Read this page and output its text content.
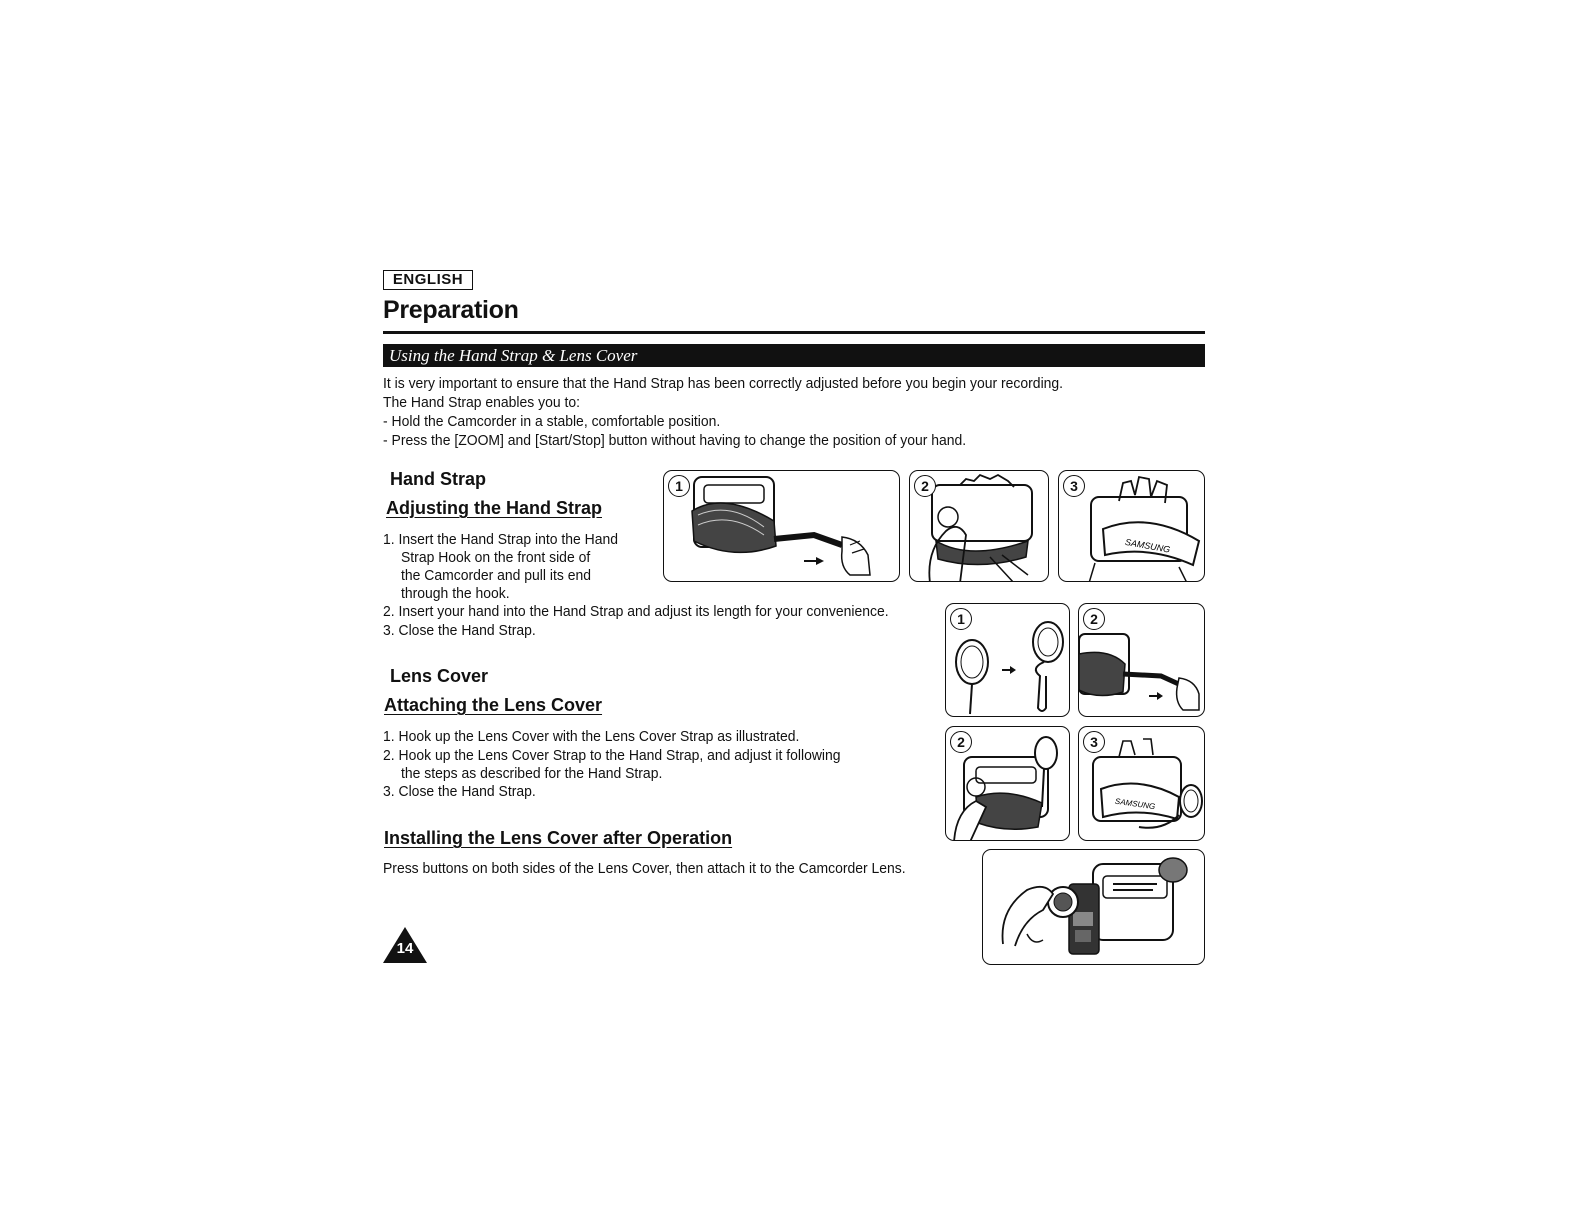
ENGLISH
Preparation
Using the Hand Strap & Lens Cover
It is very important to ensure that the Hand Strap has been correctly adjusted before you begin your recording.
The Hand Strap enables you to:
- Hold the Camcorder in a stable, comfortable position.
- Press the [ZOOM] and [Start/Stop] button without having to change the position of your hand.
Hand Strap
Adjusting the Hand Strap
1. Insert the Hand Strap into the Hand
Strap Hook on the front side of
the Camcorder and pull its end
through the hook.
2. Insert your hand into the Hand Strap and adjust its length for your convenience.
3. Close the Hand Strap.
Lens Cover
Attaching the Lens Cover
1. Hook up the Lens Cover with the Lens Cover Strap as illustrated.
2. Hook up the Lens Cover Strap to the Hand Strap, and adjust it following
the steps as described for the Hand Strap.
3. Close the Hand Strap.
Installing the Lens Cover after Operation
Press buttons on both sides of the Lens Cover, then attach it to the Camcorder Lens.
1	2
SAMSUNG
3
1	2
2
SAMSUNG
3
14
